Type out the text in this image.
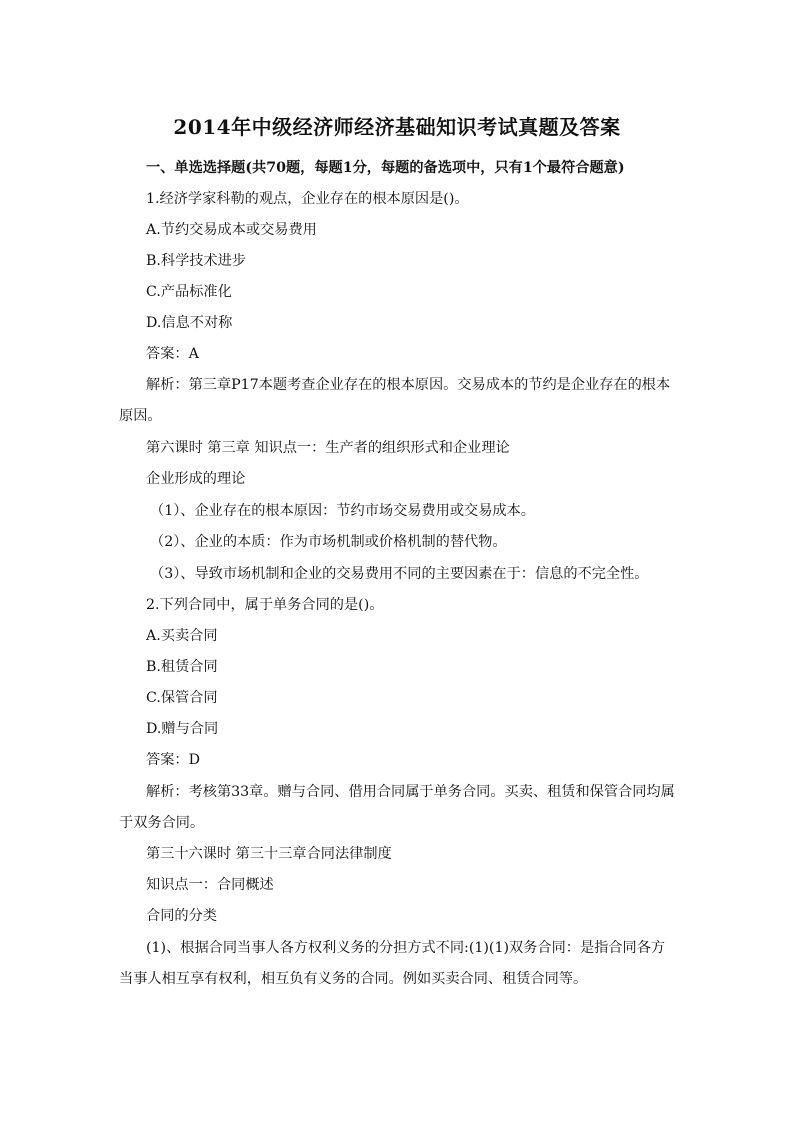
2014年中级经济师经济基础知识考试真题及答案
一、单选选择题(共70题，每题1分，每题的备选项中，只有1个最符合题意)
1.经济学家科勒的观点，企业存在的根本原因是()。
A.节约交易成本或交易费用
B.科学技术进步
C.产品标准化
D.信息不对称
答案：A
解析：第三章P17本题考查企业存在的根本原因。交易成本的节约是企业存在的根本
原因。
第六课时 第三章 知识点一：生产者的组织形式和企业理论
企业形成的理论
（1）、企业存在的根本原因：节约市场交易费用或交易成本。
（2）、企业的本质：作为市场机制或价格机制的替代物。
（3）、导致市场机制和企业的交易费用不同的主要因素在于：信息的不完全性。
2.下列合同中，属于单务合同的是()。
A.买卖合同
B.租赁合同
C.保管合同
D.赠与合同
答案：D
解析：考核第33章。赠与合同、借用合同属于单务合同。买卖、租赁和保管合同均属
于双务合同。
第三十六课时 第三十三章合同法律制度
知识点一：合同概述
合同的分类
(1)、根据合同当事人各方权利义务的分担方式不同:(1)(1)双务合同：是指合同各方
当事人相互享有权利，相互负有义务的合同。例如买卖合同、租赁合同等。
